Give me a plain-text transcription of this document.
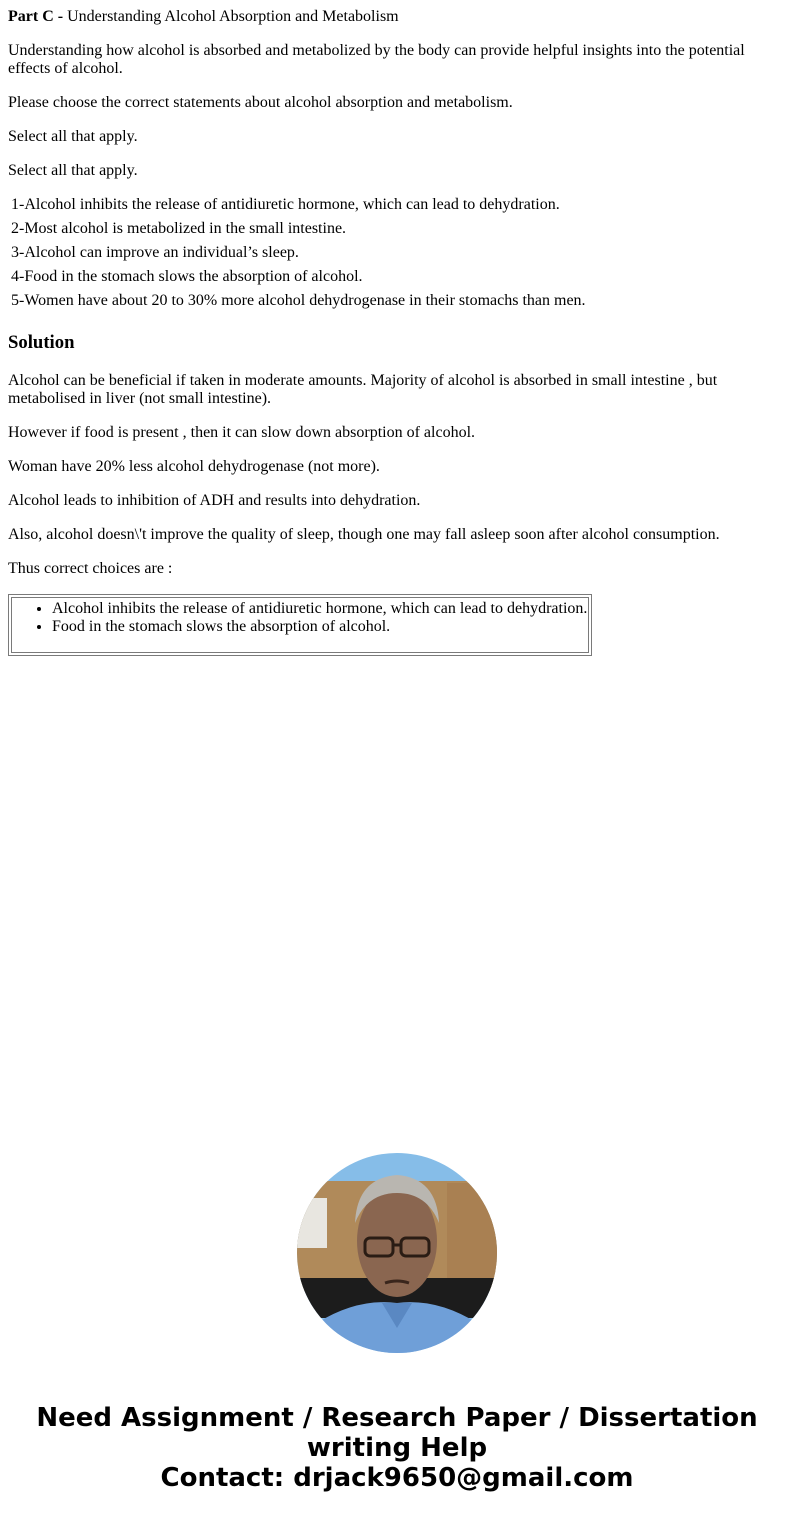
Part C - Understanding Alcohol Absorption and Metabolism

Understanding how alcohol is absorbed and metabolized by the body can provide helpful insights into the potential effects of alcohol.

Please choose the correct statements about alcohol absorption and metabolism.

Select all that apply.

Select all that apply.

1-Alcohol inhibits the release of antidiuretic hormone, which can lead to dehydration.
2-Most alcohol is metabolized in the small intestine.
3-Alcohol can improve an individual’s sleep.
4-Food in the stomach slows the absorption of alcohol.
5-Women have about 20 to 30% more alcohol dehydrogenase in their stomachs than men.
Solution

Alcohol can be beneficial if taken in moderate amounts. Majority of alcohol is absorbed in small intestine , but metabolised in liver (not small intestine).

However if food is present , then it can slow down absorption of alcohol.

Woman have 20% less alcohol dehydrogenase (not more).

Alcohol leads to inhibition of ADH and results into dehydration.

Also, alcohol doesn\'t improve the quality of sleep, though one may fall asleep soon after alcohol consumption.

Thus correct choices are :

• Alcohol inhibits the release of antidiuretic hormone, which can lead to dehydration.
• Food in the stomach slows the absorption of alcohol.
Need Assignment / Research Paper / Dissertation
writing Help
Contact: drjack9650@gmail.com
